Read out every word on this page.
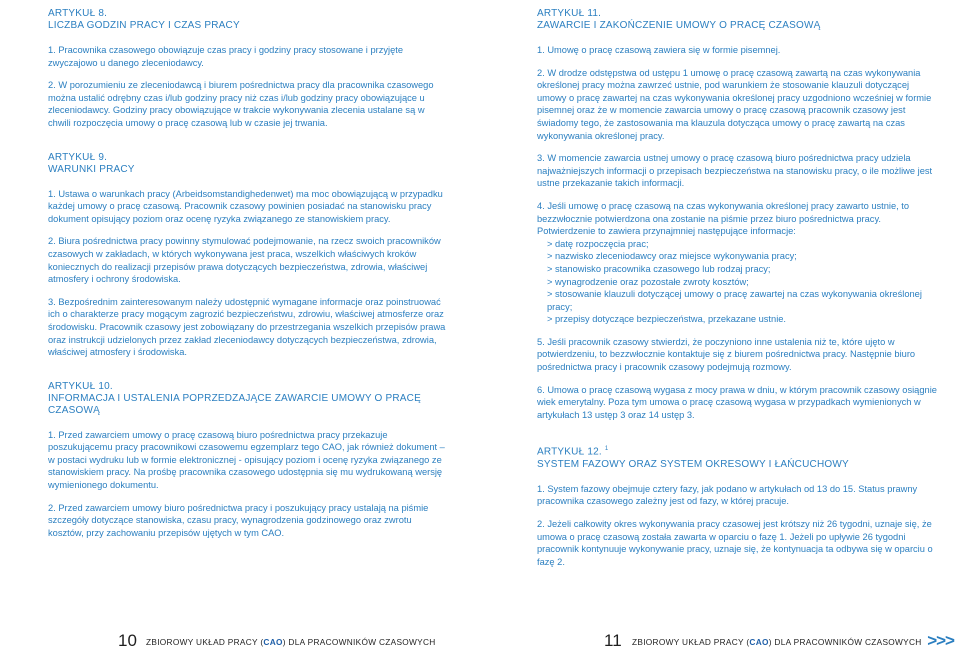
ARTYKUŁ 8.

LICZBA GODZIN PRACY I CZAS PRACY

1. Pracownika czasowego obowiązuje czas pracy i godziny pracy stosowane i przyjęte zwyczajowo u danego zleceniodawcy.

2. W porozumieniu ze zleceniodawcą i biurem pośrednictwa pracy dla pracownika czasowego można ustalić odrębny czas i/lub godziny pracy niż czas i/lub godziny pracy obowiązujące u zleceniodawcy. Godziny pracy obowiązujące w trakcie wykonywania zlecenia ustalane są w chwili rozpoczęcia umowy o pracę czasową lub w czasie jej trwania.

ARTYKUŁ 9.

WARUNKI PRACY

1. Ustawa o warunkach pracy (Arbeidsomstandighedenwet) ma moc obowiązującą w przypadku każdej umowy o pracę czasową. Pracownik czasowy powinien posiadać na stanowisku pracy dokument opisujący poziom oraz ocenę ryzyka związanego ze stanowiskiem pracy.

2. Biura pośrednictwa pracy powinny stymulować podejmowanie, na rzecz swoich pracowników czasowych w zakładach, w których wykonywana jest praca, wszelkich właściwych kroków koniecznych do realizacji przepisów prawa dotyczących bezpieczeństwa, zdrowia, właściwej atmosfery i ochrony środowiska.

3. Bezpośrednim zainteresowanym należy udostępnić wymagane informacje oraz poinstruować ich o charakterze pracy mogącym zagrozić bezpieczeństwu, zdrowiu, właściwej atmosferze oraz środowisku. Pracownik czasowy jest zobowiązany do przestrzegania wszelkich przepisów prawa oraz instrukcji udzielonych przez zakład zleceniodawcy dotyczących bezpieczeństwa, zdrowia, właściwej atmosfery i środowiska.

ARTYKUŁ 10.

INFORMACJA I USTALENIA POPRZEDZAJĄCE ZAWARCIE UMOWY O PRACĘ CZASOWĄ

1. Przed zawarciem umowy o pracę czasową biuro pośrednictwa pracy przekazuje poszukującemu pracy pracownikowi czasowemu egzemplarz tego CAO, jak również dokument – w postaci wydruku lub w formie elektronicznej - opisujący poziom i ocenę ryzyka związanego ze stanowiskiem pracy. Na prośbę pracownika czasowego udostępnia się mu wydrukowaną wersję wymienionego dokumentu.

2. Przed zawarciem umowy biuro pośrednictwa pracy i poszukujący pracy ustalają na piśmie szczegóły dotyczące stanowiska, czasu pracy, wynagrodzenia godzinowego oraz zwrotu kosztów, przy zachowaniu przepisów ujętych w tym CAO.

ARTYKUŁ 11.

ZAWARCIE I ZAKOŃCZENIE UMOWY O PRACĘ CZASOWĄ

1. Umowę o pracę czasową zawiera się w formie pisemnej.

2. W drodze odstępstwa od ustępu 1 umowę o pracę czasową zawartą na czas wykonywania określonej pracy można zawrzeć ustnie, pod warunkiem że stosowanie klauzuli dotyczącej umowy o pracę zawartej na czas wykonywania określonej pracy uzgodniono wcześniej w formie pisemnej oraz że w momencie zawarcia umowy o pracę czasową pracownik czasowy jest świadomy tego, że zastosowania ma klauzula dotycząca umowy o pracę zawartą na czas wykonywania określonej pracy.

3. W momencie zawarcia ustnej umowy o pracę czasową biuro pośrednictwa pracy udziela najważniejszych informacji o przepisach bezpieczeństwa na stanowisku pracy, o ile możliwe jest ustne przekazanie takich informacji.

4. Jeśli umowę o pracę czasową na czas wykonywania określonej pracy zawarto ustnie, to bezzwłocznie potwierdzona ona zostanie na piśmie przez biuro pośrednictwa pracy. Potwierdzenie to zawiera przynajmniej następujące informacje:

> datę rozpoczęcia prac;
> nazwisko zleceniodawcy oraz miejsce wykonywania pracy;
> stanowisko pracownika czasowego lub rodzaj pracy;
> wynagrodzenie oraz pozostałe zwroty kosztów;
> stosowanie klauzuli dotyczącej umowy o pracę zawartej na czas wykonywania określonej pracy;
> przepisy dotyczące bezpieczeństwa, przekazane ustnie.

5. Jeśli pracownik czasowy stwierdzi, że poczyniono inne ustalenia niż te, które ujęto w potwierdzeniu, to bezzwłocznie kontaktuje się z biurem pośrednictwa pracy. Następnie biuro pośrednictwa pracy i pracownik czasowy podejmują rozmowy.

6. Umowa o pracę czasową wygasa z mocy prawa w dniu, w którym pracownik czasowy osiągnie wiek emerytalny. Poza tym umowa o pracę czasową wygasa w przypadkach wymienionych w artykułach 13 ustęp 3 oraz 14 ustęp 3.

ARTYKUŁ 12. $^1$

SYSTEM FAZOWY ORAZ SYSTEM OKRESOWY I ŁAŃCUCHOWY

1. System fazowy obejmuje cztery fazy, jak podano w artykułach od 13 do 15. Status prawny pracownika czasowego zależny jest od fazy, w której pracuje.

2. Jeżeli całkowity okres wykonywania pracy czasowej jest krótszy niż 26 tygodni, uznaje się, że umowa o pracę czasową została zawarta w oparciu o fazę 1. Jeżeli po upływie 26 tygodni pracownik kontynuuje wykonywanie pracy, uznaje się, że kontynuacja ta odbywa się w oparciu o fazę 2.

10 ZBIOROWY UKŁAD PRACY (CAO) DLA PRACOWNIKÓW CZASOWYCH	11 ZBIOROWY UKŁAD PRACY (CAO) DLA PRACOWNIKÓW CZASOWYCH >>>
